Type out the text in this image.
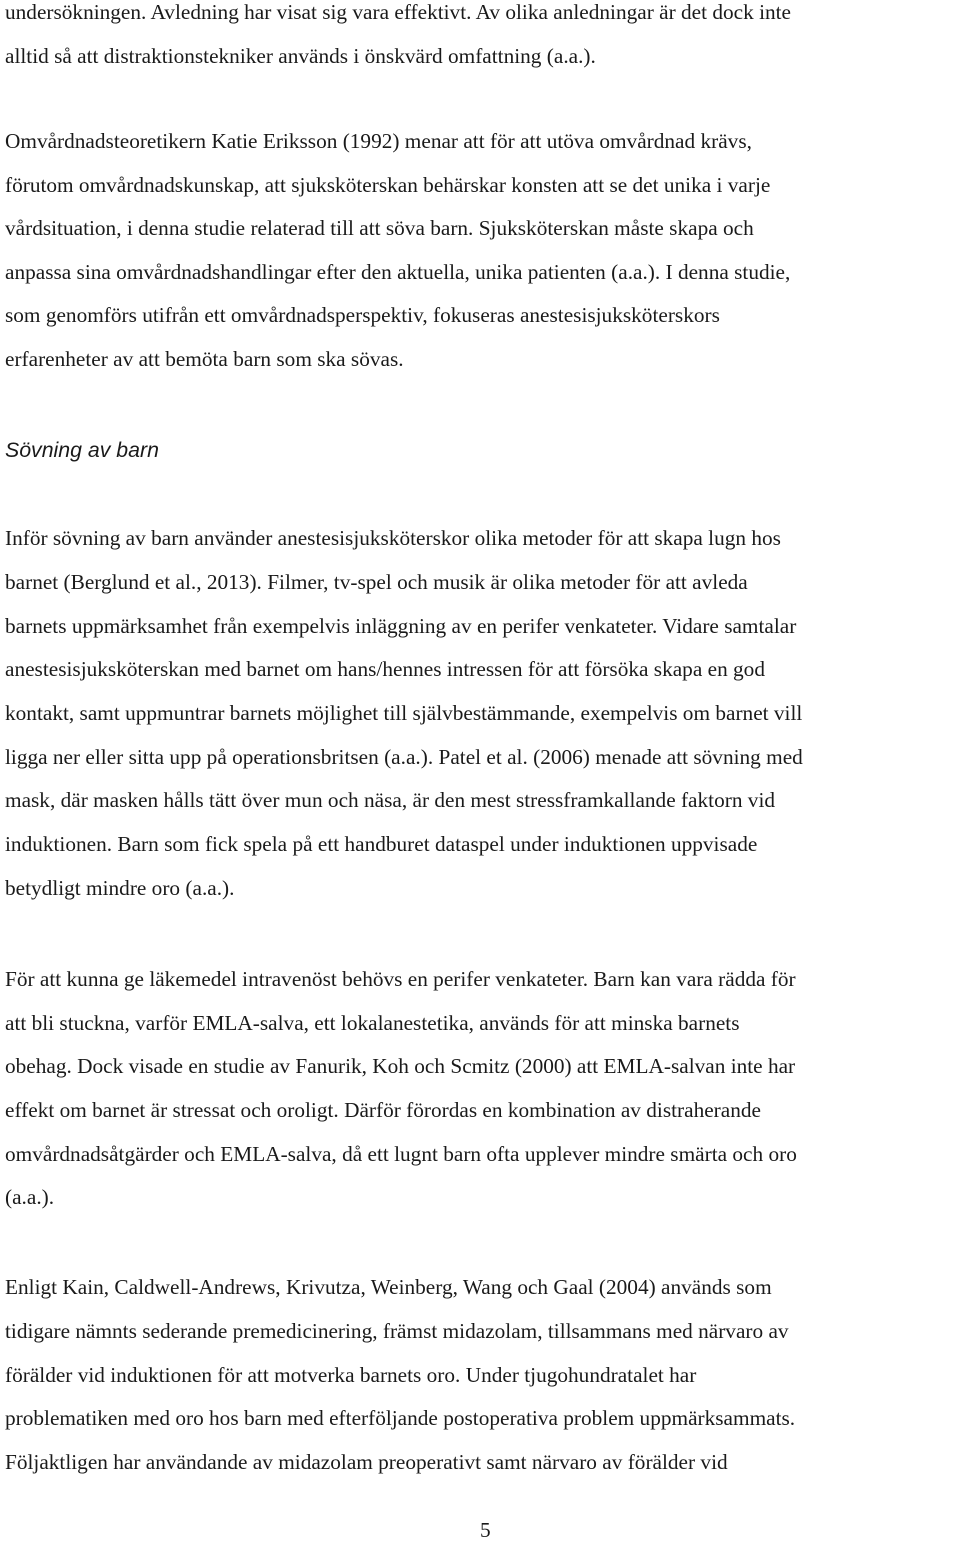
undersökningen. Avledning har visat sig vara effektivt. Av olika anledningar är det dock inte
alltid så att distraktionstekniker används i önskvärd omfattning (a.a.).
Omvårdnadsteoretikern Katie Eriksson (1992) menar att för att utöva omvårdnad krävs,
förutom omvårdnadskunskap, att sjuksköterskan behärskar konsten att se det unika i varje
vårdsituation, i denna studie relaterad till att söva barn. Sjuksköterskan måste skapa och
anpassa sina omvårdnadshandlingar efter den aktuella, unika patienten (a.a.). I denna studie,
som genomförs utifrån ett omvårdnadsperspektiv, fokuseras anestesisjuksköterskors
erfarenheter av att bemöta barn som ska sövas.
Sövning av barn
Inför sövning av barn använder anestesisjuksköterskor olika metoder för att skapa lugn hos
barnet (Berglund et al., 2013). Filmer, tv-spel och musik är olika metoder för att avleda
barnets uppmärksamhet från exempelvis inläggning av en perifer venkateter. Vidare samtalar
anestesisjuksköterskan med barnet om hans/hennes intressen för att försöka skapa en god
kontakt, samt uppmuntrar barnets möjlighet till självbestämmande, exempelvis om barnet vill
ligga ner eller sitta upp på operationsbritsen (a.a.). Patel et al. (2006) menade att sövning med
mask, där masken hålls tätt över mun och näsa, är den mest stressframkallande faktorn vid
induktionen. Barn som fick spela på ett handburet dataspel under induktionen uppvisade
betydligt mindre oro (a.a.).
För att kunna ge läkemedel intravenöst behövs en perifer venkateter. Barn kan vara rädda för
att bli stuckna, varför EMLA-salva, ett lokalanestetika, används för att minska barnets
obehag. Dock visade en studie av Fanurik, Koh och Scmitz (2000) att EMLA-salvan inte har
effekt om barnet är stressat och oroligt. Därför förordas en kombination av distraherande
omvårdnadsåtgärder och EMLA-salva, då ett lugnt barn ofta upplever mindre smärta och oro
(a.a.).
Enligt Kain, Caldwell-Andrews, Krivutza, Weinberg, Wang och Gaal (2004) används som
tidigare nämnts sederande premedicinering, främst midazolam, tillsammans med närvaro av
förälder vid induktionen för att motverka barnets oro. Under tjugohundratalet har
problematiken med oro hos barn med efterföljande postoperativa problem uppmärksammats.
Följaktligen har användande av midazolam preoperativt samt närvaro av förälder vid
5
